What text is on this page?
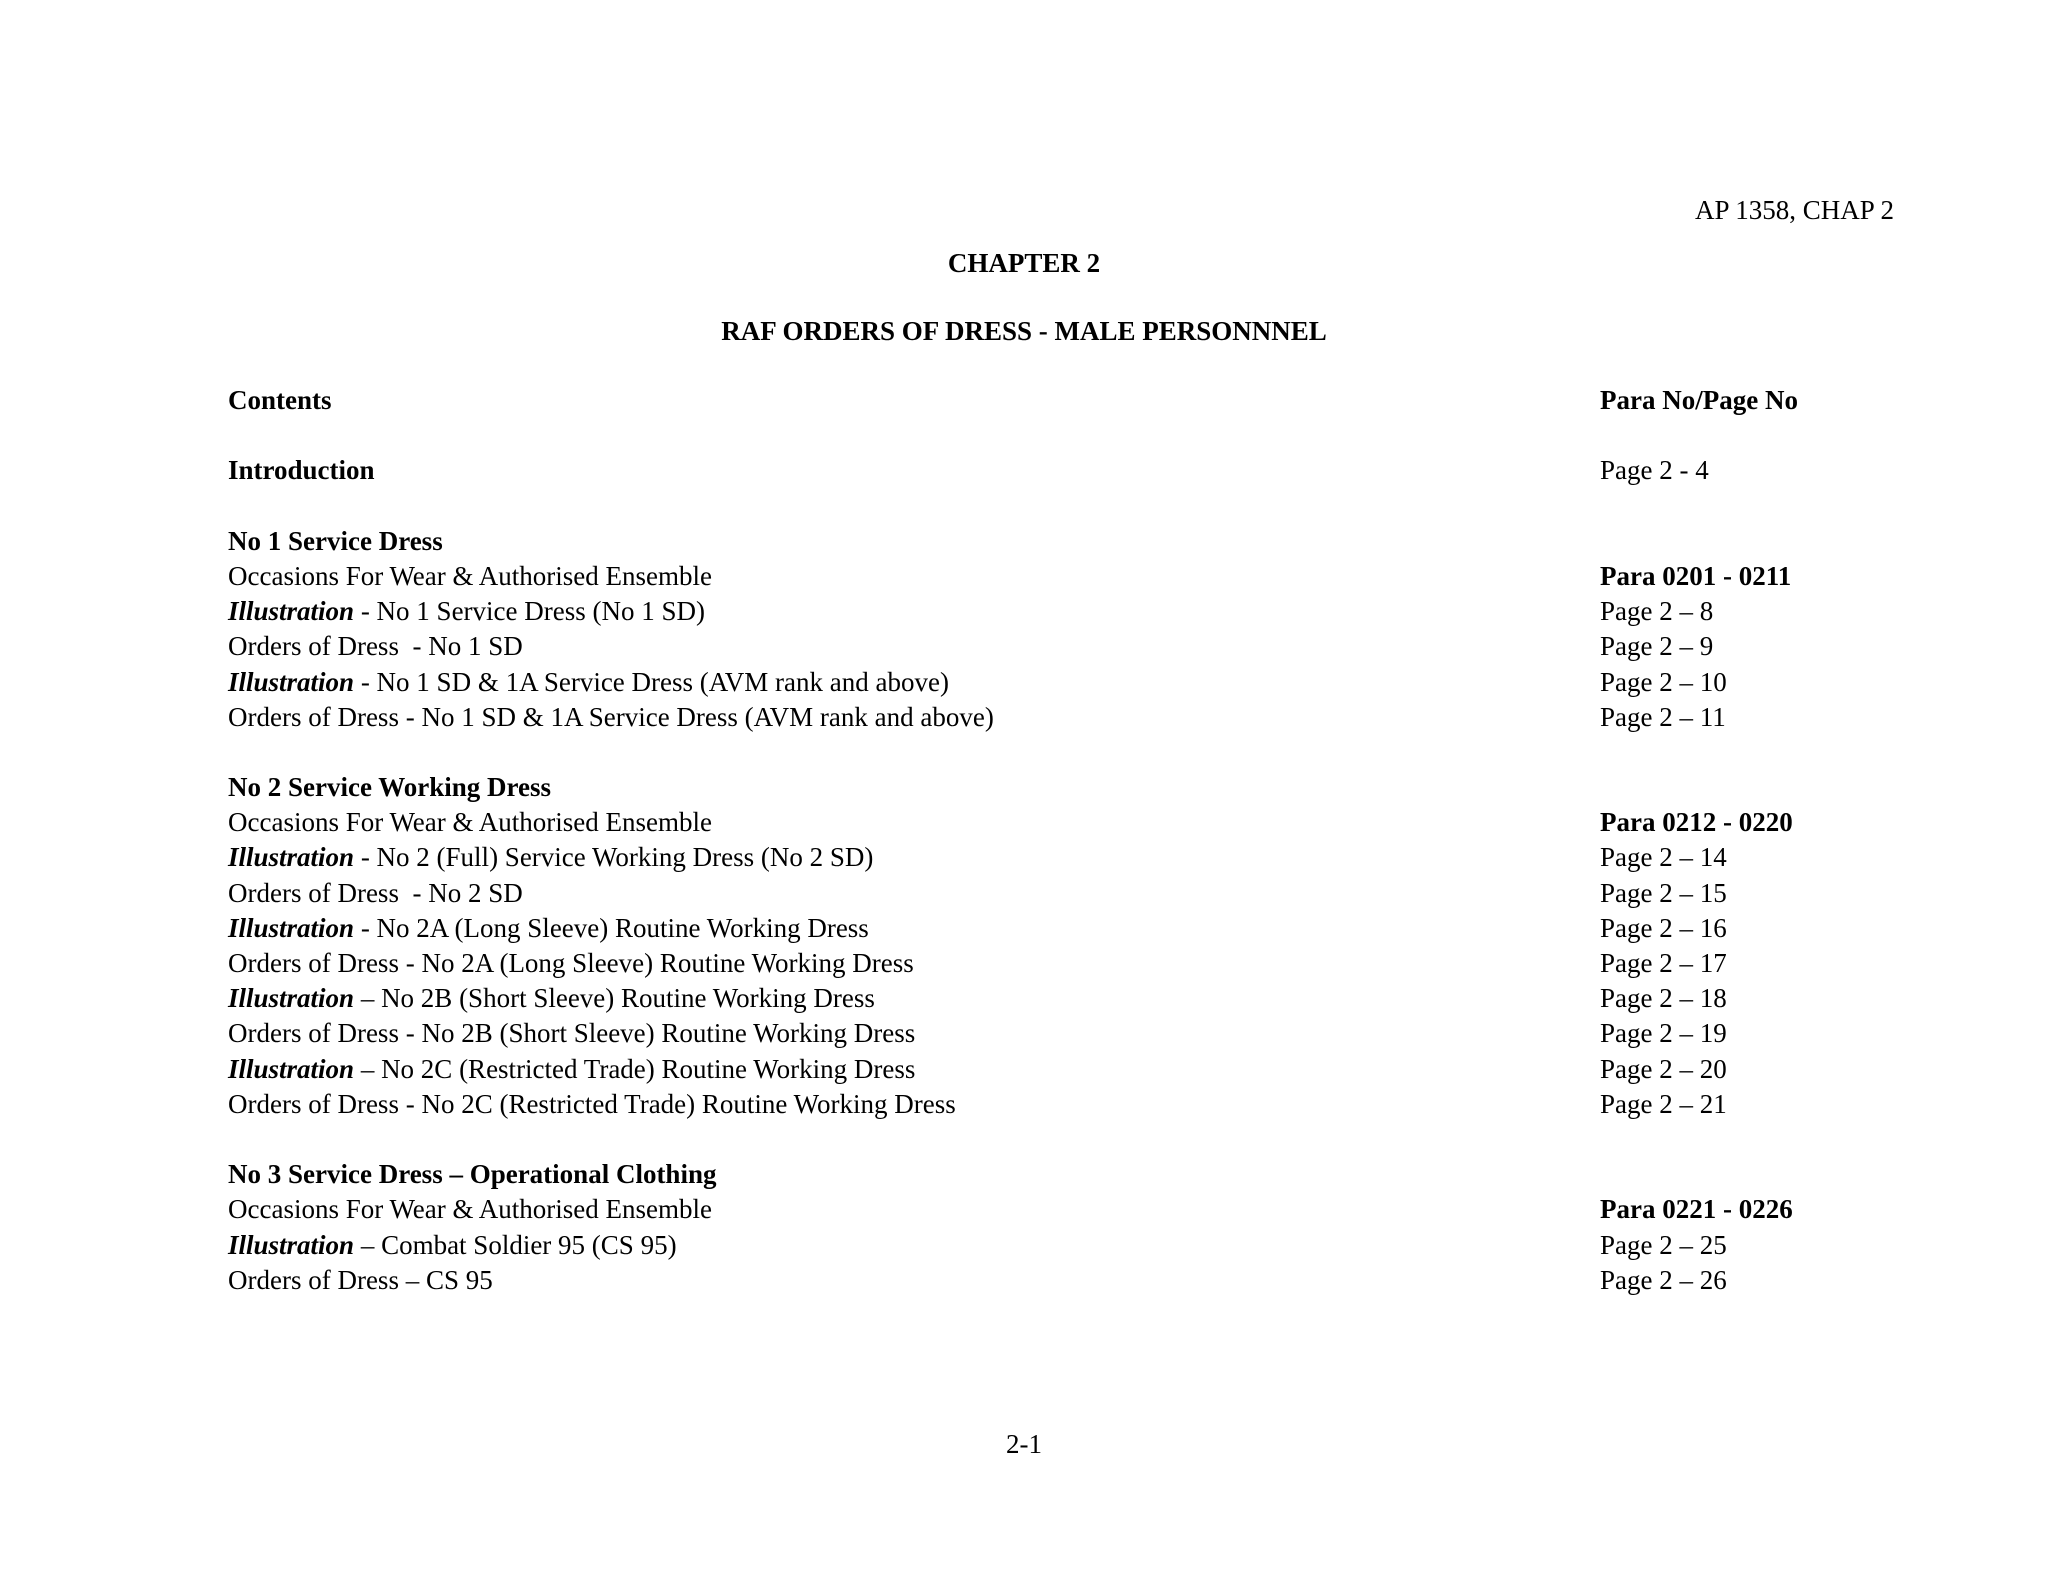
AP 1358, CHAP 2
CHAPTER 2
RAF ORDERS OF DRESS - MALE PERSONNNEL
Contents	Para No/Page No
Introduction	Page 2 - 4
No 1 Service Dress
Occasions For Wear & Authorised Ensemble	Para 0201 - 0211
Illustration - No 1 Service Dress (No 1 SD)	Page 2 – 8
Orders of Dress  - No 1 SD	Page 2 – 9
Illustration - No 1 SD & 1A Service Dress (AVM rank and above)	Page 2 – 10
Orders of Dress - No 1 SD & 1A Service Dress (AVM rank and above)	Page 2 – 11
No 2 Service Working Dress
Occasions For Wear & Authorised Ensemble	Para 0212 - 0220
Illustration - No 2 (Full) Service Working Dress (No 2 SD)	Page 2 – 14
Orders of Dress  - No 2 SD	Page 2 – 15
Illustration - No 2A (Long Sleeve) Routine Working Dress	Page 2 – 16
Orders of Dress - No 2A (Long Sleeve) Routine Working Dress	Page 2 – 17
Illustration – No 2B (Short Sleeve) Routine Working Dress	Page 2 – 18
Orders of Dress - No 2B (Short Sleeve) Routine Working Dress	Page 2 – 19
Illustration – No 2C (Restricted Trade) Routine Working Dress	Page 2 – 20
Orders of Dress - No 2C (Restricted Trade) Routine Working Dress	Page 2 – 21
No 3 Service Dress – Operational Clothing
Occasions For Wear & Authorised Ensemble	Para 0221 - 0226
Illustration – Combat Soldier 95 (CS 95)	Page 2 – 25
Orders of Dress – CS 95	Page 2 – 26
2-1
